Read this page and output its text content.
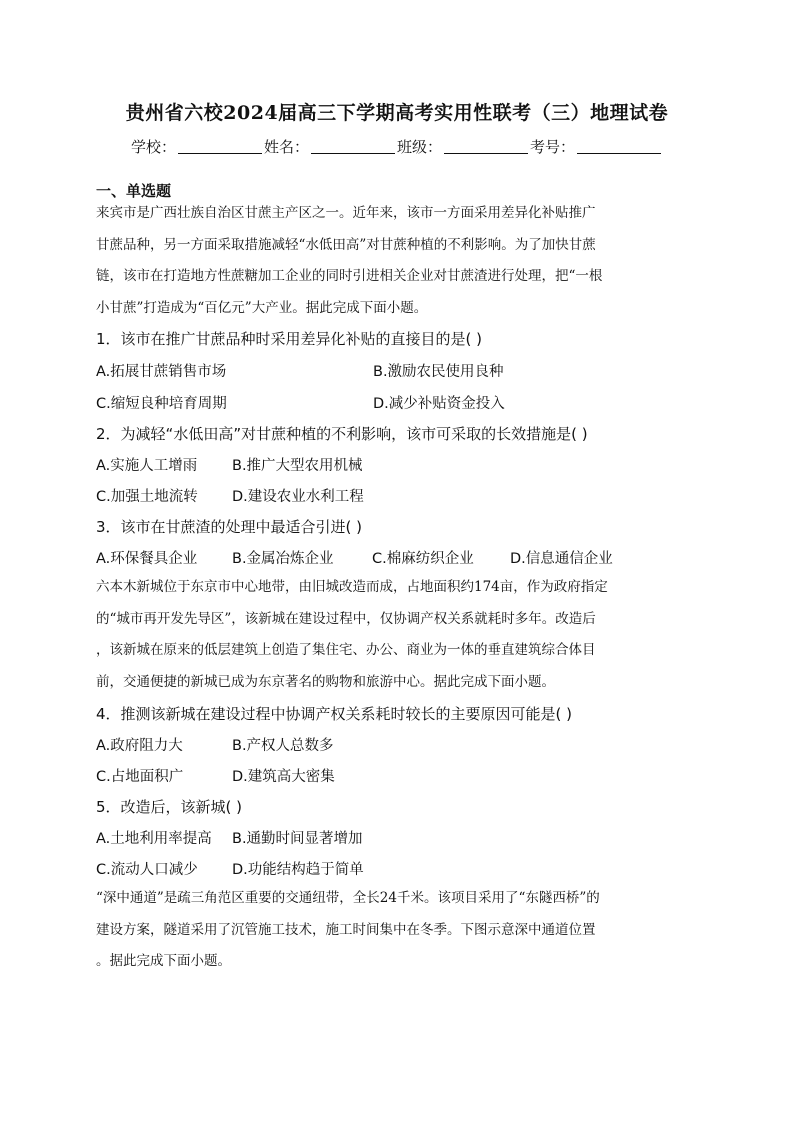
贵州省六校2024届高三下学期高考实用性联考（三）地理试卷
学校：	姓名：	班级：	考号：
一、单选题
来宾市是广西壮族自治区甘蔗主产区之一。近年来，该市一方面采用差异化补贴推广
甘蔗品种，另一方面采取措施减轻“水低田高”对甘蔗种植的不利影响。为了加快甘蔗
链，该市在打造地方性蔗糖加工企业的同时引进相关企业对甘蔗渣进行处理，把“一根
小甘蔗”打造成为“百亿元”大产业。据此完成下面小题。
1．该市在推广甘蔗品种时采用差异化补贴的直接目的是( )
A.拓展甘蔗销售市场	B.激励农民使用良种
C.缩短良种培育周期	D.减少补贴资金投入
2．为减轻“水低田高”对甘蔗种植的不利影响，该市可采取的长效措施是( )
A.实施人工增雨 B.推广大型农用机械
C.加强土地流转 D.建设农业水利工程
3．该市在甘蔗渣的处理中最适合引进( )
A.环保餐具企业 B.金属冶炼企业	C.棉麻纺织企业	D.信息通信企业
六本木新城位于东京市中心地带，由旧城改造而成，占地面积约174亩，作为政府指定
的“城市再开发先导区”，该新城在建设过程中，仅协调产权关系就耗时多年。改造后
，该新城在原来的低层建筑上创造了集住宅、办公、商业为一体的垂直建筑综合体目
前，交通便捷的新城已成为东京著名的购物和旅游中心。据此完成下面小题。
4．推测该新城在建设过程中协调产权关系耗时较长的主要原因可能是( )
A.政府阻力大	B.产权人总数多
C.占地面积广	D.建筑高大密集
5．改造后，该新城( )
A.土地利用率提高 B.通勤时间显著增加
C.流动人口减少 D.功能结构趋于简单
“深中通道”是疏三角范区重要的交通纽带，全长24千米。该项目采用了“东隧西桥”的
建设方案，隧道采用了沉管施工技术，施工时间集中在冬季。下图示意深中通道位置
。据此完成下面小题。
